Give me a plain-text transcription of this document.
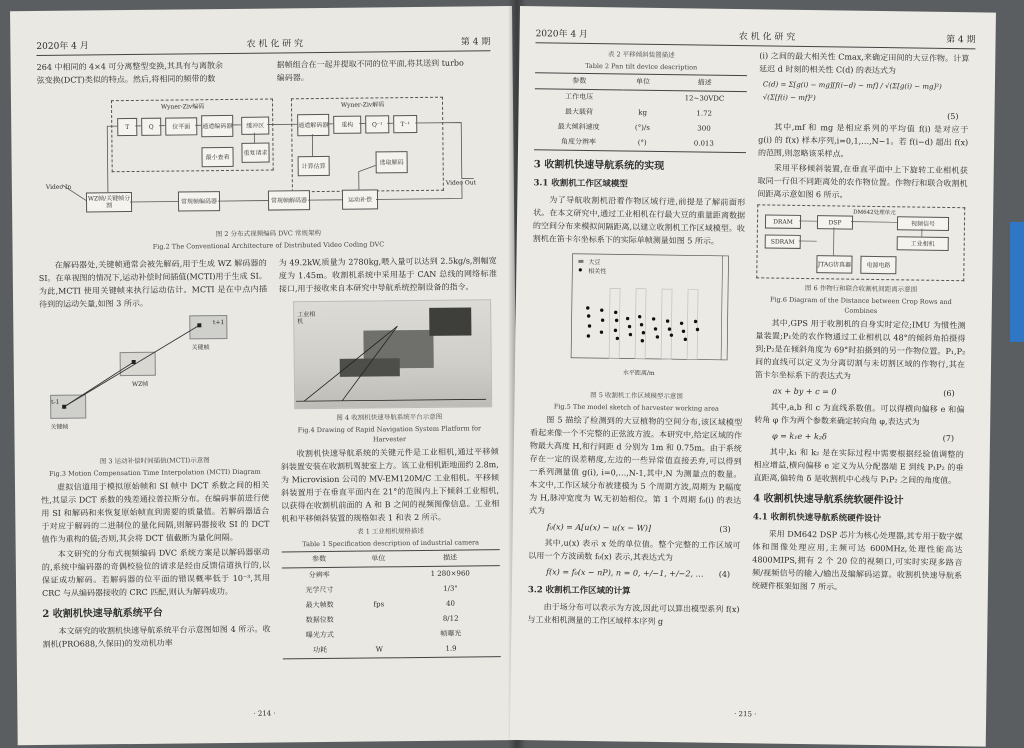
2020年 4 月	农 机 化 研 究	第 4 期
264 中相同的 4×4 可分离整型变换,其具有与离散余
弦变换(DCT)类似的特点。然后,将相同的频带的数
据帧组合在一起并提取不同的位平面,将其送到 turbo
编码器。
Wyner-Ziv编码	Wyner-Ziv解码
T	Q	位平面	通道编码器	缓冲区	通道解码器	重构	Q⁻¹	T⁻¹
重复请求
最小查看
计算估算
选取解码
WZ帧/关键帧分割
常规帧编码器	常规帧解码器	运动补偿
Video In
Video Out
图 2 分布式视频编码 DVC 常规架构
Fig.2 The Conventional Architecture of Distributed Video Coding DVC

在解码器处,关键帧通常会被先解码,用于生成 WZ 解码器的 SI。在单视图的情况下,运动补偿时间插值(MCTI)用于生成 SI。为此,MCTI 使用关键帧来执行运动估计。MCTI 是在中点内插待到的运动矢量,如图 3 所示。

t+1
关键帧
WZ帧
t-1
关键帧
图 3 运动补偿时间插值(MCTI)示意图
Fig.3 Motion Compensation Time Interpolation (MCTI) Diagram

虚拟信道用于模拟原始帧和 SI 帧中 DCT 系数之间的相关性,其显示 DCT 系数的残差通拉普拉斯分布。在编码事前进行使用 SI 和解码和来恢复原始帧直到需要的质量值。若解码器适合于对应于解码的二进制位的量化间隔,则解码器接收 SI 的 DCT 值作为重构的值;否则,其会将 DCT 值截断为量化间隔。

本文研究的分布式视频编码 DVC 系统方案是以解码器驱动的,系统中编码器的奇偶校验位的请求是经由反馈信道执行的,以保证成功解码。若解码器的位平面的错误概率低于 10⁻³,其用 CRC 与从编码器接收的 CRC 匹配,则认为解码成功。

2 收割机快速导航系统平台

本文研究的收割机快速导航系统平台示意图如图 4 所示。收割机(PRO688,久保田)的发动机功率

为 49.2kW,质量为 2780kg,喂入量可以达到 2.5kg/s,割幅宽度为 1.45m。收割机系统中采用基于 CAN 总线的网络标准接口,用于接收来自本研究中导航系统控制设备的指令。

工业相机
图 4 收割机快速导航系统平台示意图
Fig.4 Drawing of Rapid Navigation System Platform for Harvester

收割机快速导航系统的关键元件是工业相机,通过平移倾斜装置安装在收割机驾驶室上方。该工业相机距地面约 2.8m,为 Microvision 公司的 MV-EM120M/C 工业相机。平移倾斜装置用于在垂直平面内在 21°的范围内上下倾斜工业相机,以获得在收割机前面的 A 和 B 之间的视频图像信息。工业相机和平移倾斜装置的规格如表 1 和表 2 所示。

表 1 工业相机规格描述
Table 1 Specification description of industrial camera
参数	单位	描述
分辨率		1 280×960
光学尺寸		1/3"
最大帧数	fps	40
数据位数		8/12
曝光方式		帧曝光
功耗	W	1.9
· 214 ·
2020年 4 月	农 机 化 研 究	第 4 期
表 2 平移倾斜装置描述
Table 2 Pan tilt device description
参数	单位	描述
工作电压		12~30VDC
最大载荷	kg	1.72
最大倾斜速度	(°)/s	300
角度分辨率	(°)	0.013
3 收割机快速导航系统的实现
3.1 收割机工作区域模型

为了导航收割机沿着作物区域行进,前提是了解前面形状。在本文研究中,通过工业相机在行最大豆的重量距离数据的空间分布来模拟间隔距离,以建立收割机工作区域模型。收割机在笛卡尔坐标系下的实际单帧测量如图 5 所示。

大豆
相关性
水平距离/m
图 5 收割机工作区域模型示意图
Fig.5 The model sketch of harvester working area

图 5 描绘了检测到的大豆植物的空间分布,该区域模型看起来像一个不完整的正弦波方波。本研究中,给定区域的作物最大高度 H,和行间距 d 分别为 1m 和 0.75m。由于系统存在一定的误差精度,左边的一些异常值直接丢弃,可以得到一系列测量值 g(i), i=0,…,N-1,其中,N 为测量点的数量。本文中,工作区域分布被建模为 5 个周期方波,周期为 P,幅度为 H,脉冲宽度为 W,无初始相位。第 1 个周期 f₀(i) 的表达式为

f₀(x) = A[u(x) − u(x − W)]	(3)

其中,u(x) 表示 x 处的单位值。整个完整的工作区域可以用一个方波函数 f₀(x) 表示,其表达式为

f(x) = f₀(x − nP), n = 0, +/−1, +/−2, … (4)
3.2 收割机工作区域的计算

由于场分布可以表示为方波,因此可以算出模型系列 f(x) 与工业相机测量的工作区域样本序列 g

(i) 之间的最大相关性 Cmax,来确定田间的大豆作物。计算延迟 d 时刻的相关性 C(d) 的表达式为

C(d) = Σ[g(i) − mg][f(i−d) − mf] / √(Σ[g(i) − mg]²) √(Σ[f(i) − mf]²)
(5)

其中,mf 和 mg 是相应系列的平均值 f(i) 是对应于 g(i) 的 f(x) 样本序列,i=0,1,…,N−1。若 f(i−d) 超出 f(x) 的范围,则忽略该采样点。

采用平移倾斜装置,在垂直平面中上下旋转工业相机获取同一行但不同距离处的农作物位置。作物行和联合收割机间距离示意如图 6 所示。

DRAM	DSP	视频信号
SDRAM	工业相机
JTAG仿真器	电源电路
DM642处理单元
图 6 作物行和联合收割机间距离示意图
Fig.6 Diagram of the Distance between Crop Rows and Combines

其中,GPS 用于收割机的自身实时定位;IMU 为惯性测量装置;P₁处的农作物通过工业相机以 48°的倾斜角拍摄得到;P₂是在倾斜角度为 69°时拍摄到的另一作物位置。P₁,P₂间的直线可以定义为分离切割与未切割区域的作物行,其在笛卡尔坐标系下的表达式为

ax + by + c = 0	(6)

其中,a,b 和 c 为直线系数值。可以得横向偏移 e 和偏转角 φ 作为两个参数来确定转向角 φ,表达式为

φ = k₁e + k₂δ	(7)

其中,k₁ 和 k₂ 是在实际过程中需要根据经验值调整的相应增益,横向偏移 e 定义为从分配器端 E 到线 P₁P₂ 的垂直距离,偏转角 δ 是收割机中心线与 P₁P₂ 之间的角度值。

4 收割机快速导航系统软硬件设计
4.1 收割机快速导航系统硬件设计

采用 DM642 DSP 芯片为核心处理器,其专用于数字媒体和图像处理应用,主频可达 600MHz,处理性能高达 4800MIPS,拥有 2 个 20 位的视频口,可实时实现多路音频/视频信号的输入/输出及编解码运算。收割机快速导航系统硬件框架如图 7 所示。

· 215 ·
